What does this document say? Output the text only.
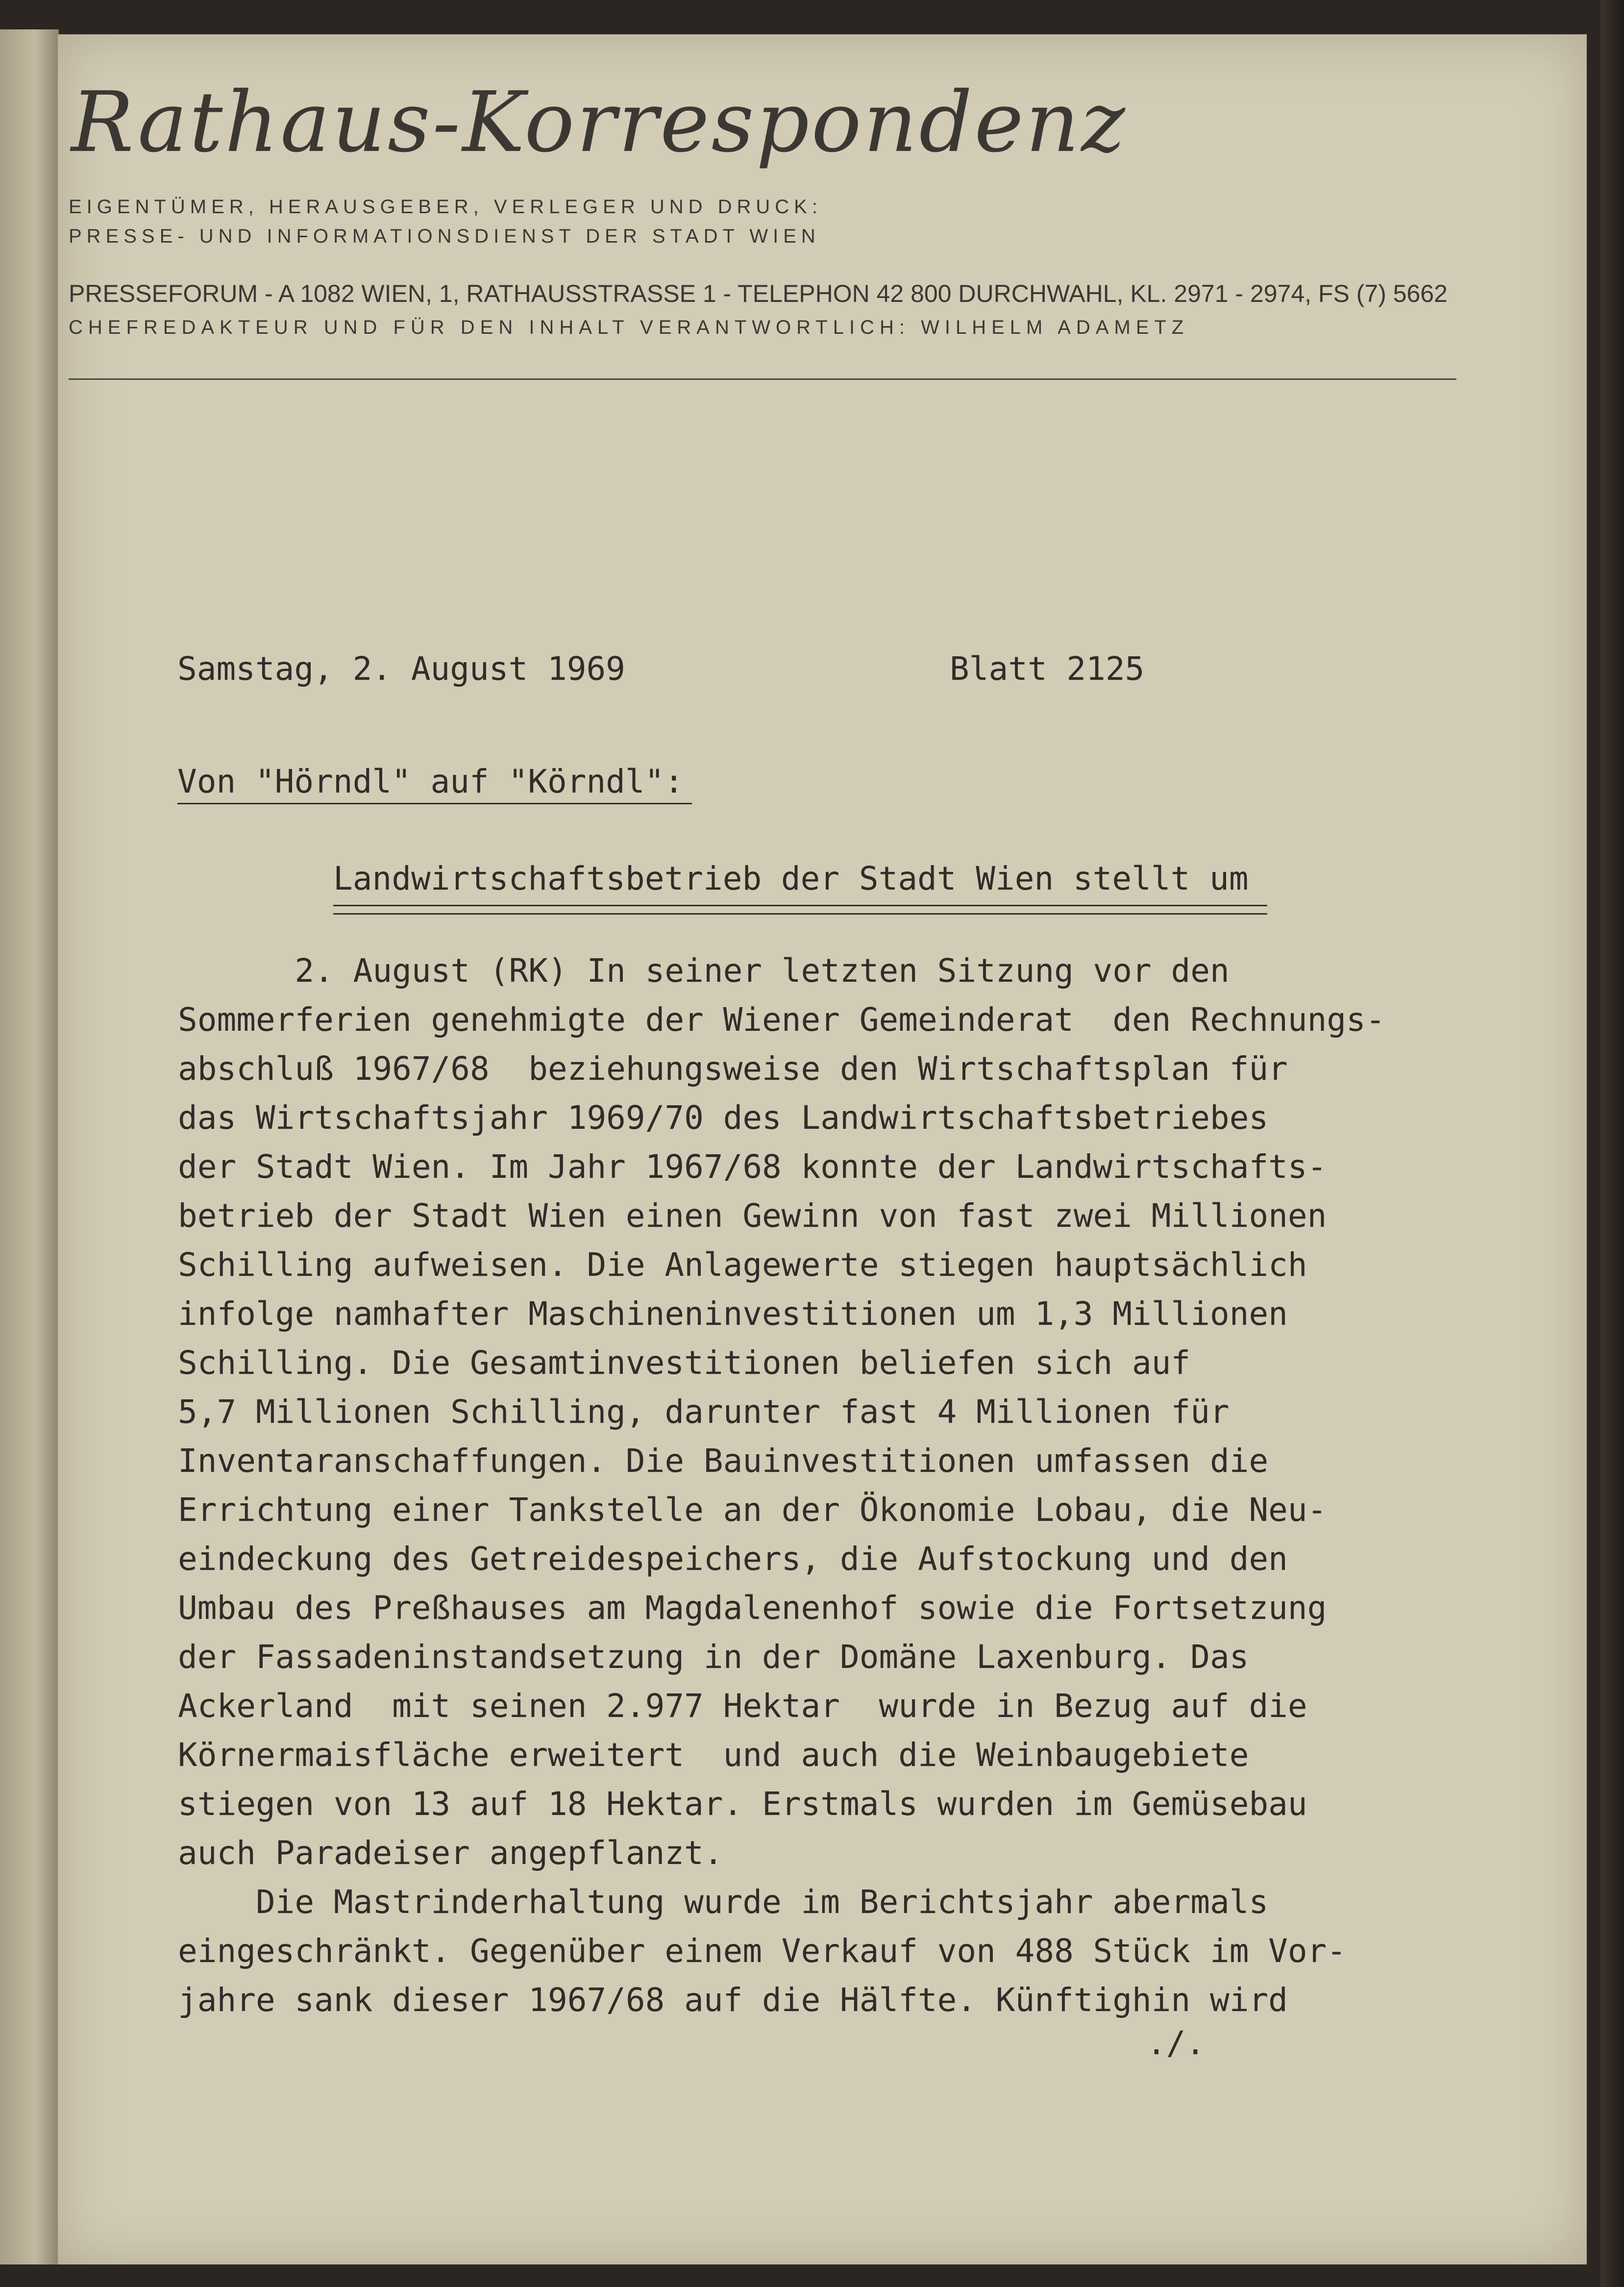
Rathaus-Korrespondenz
EIGENTÜMER, HERAUSGEBER, VERLEGER UND DRUCK:
PRESSE- UND INFORMATIONSDIENST DER STADT WIEN
PRESSEFORUM - A 1082 WIEN, 1, RATHAUSSTRASSE 1 - TELEPHON 42 800 DURCHWAHL, KL. 2971 - 2974, FS (7) 5662
CHEFREDAKTEUR UND FÜR DEN INHALT VERANTWORTLICH: WILHELM ADAMETZ
Samstag, 2. August 1969	Blatt 2125
Von "Hörndl" auf "Körndl":
Landwirtschaftsbetrieb der Stadt Wien stellt um
2. August (RK) In seiner letzten Sitzung vor den
Sommerferien genehmigte der Wiener Gemeinderat  den Rechnungs-
abschluß 1967/68  beziehungsweise den Wirtschaftsplan für
das Wirtschaftsjahr 1969/70 des Landwirtschaftsbetriebes
der Stadt Wien. Im Jahr 1967/68 konnte der Landwirtschafts-
betrieb der Stadt Wien einen Gewinn von fast zwei Millionen
Schilling aufweisen. Die Anlagewerte stiegen hauptsächlich
infolge namhafter Maschineninvestitionen um 1,3 Millionen
Schilling. Die Gesamtinvestitionen beliefen sich auf
5,7 Millionen Schilling, darunter fast 4 Millionen für
Inventaranschaffungen. Die Bauinvestitionen umfassen die
Errichtung einer Tankstelle an der Ökonomie Lobau, die Neu-
eindeckung des Getreidespeichers, die Aufstockung und den
Umbau des Preßhauses am Magdalenenhof sowie die Fortsetzung
der Fassadeninstandsetzung in der Domäne Laxenburg. Das
Ackerland  mit seinen 2.977 Hektar  wurde in Bezug auf die
Körnermaisfläche erweitert  und auch die Weinbaugebiete
stiegen von 13 auf 18 Hektar. Erstmals wurden im Gemüsebau
auch Paradeiser angepflanzt.
Die Mastrinderhaltung wurde im Berichtsjahr abermals
eingeschränkt. Gegenüber einem Verkauf von 488 Stück im Vor-
jahre sank dieser 1967/68 auf die Hälfte. Künftighin wird
./.
